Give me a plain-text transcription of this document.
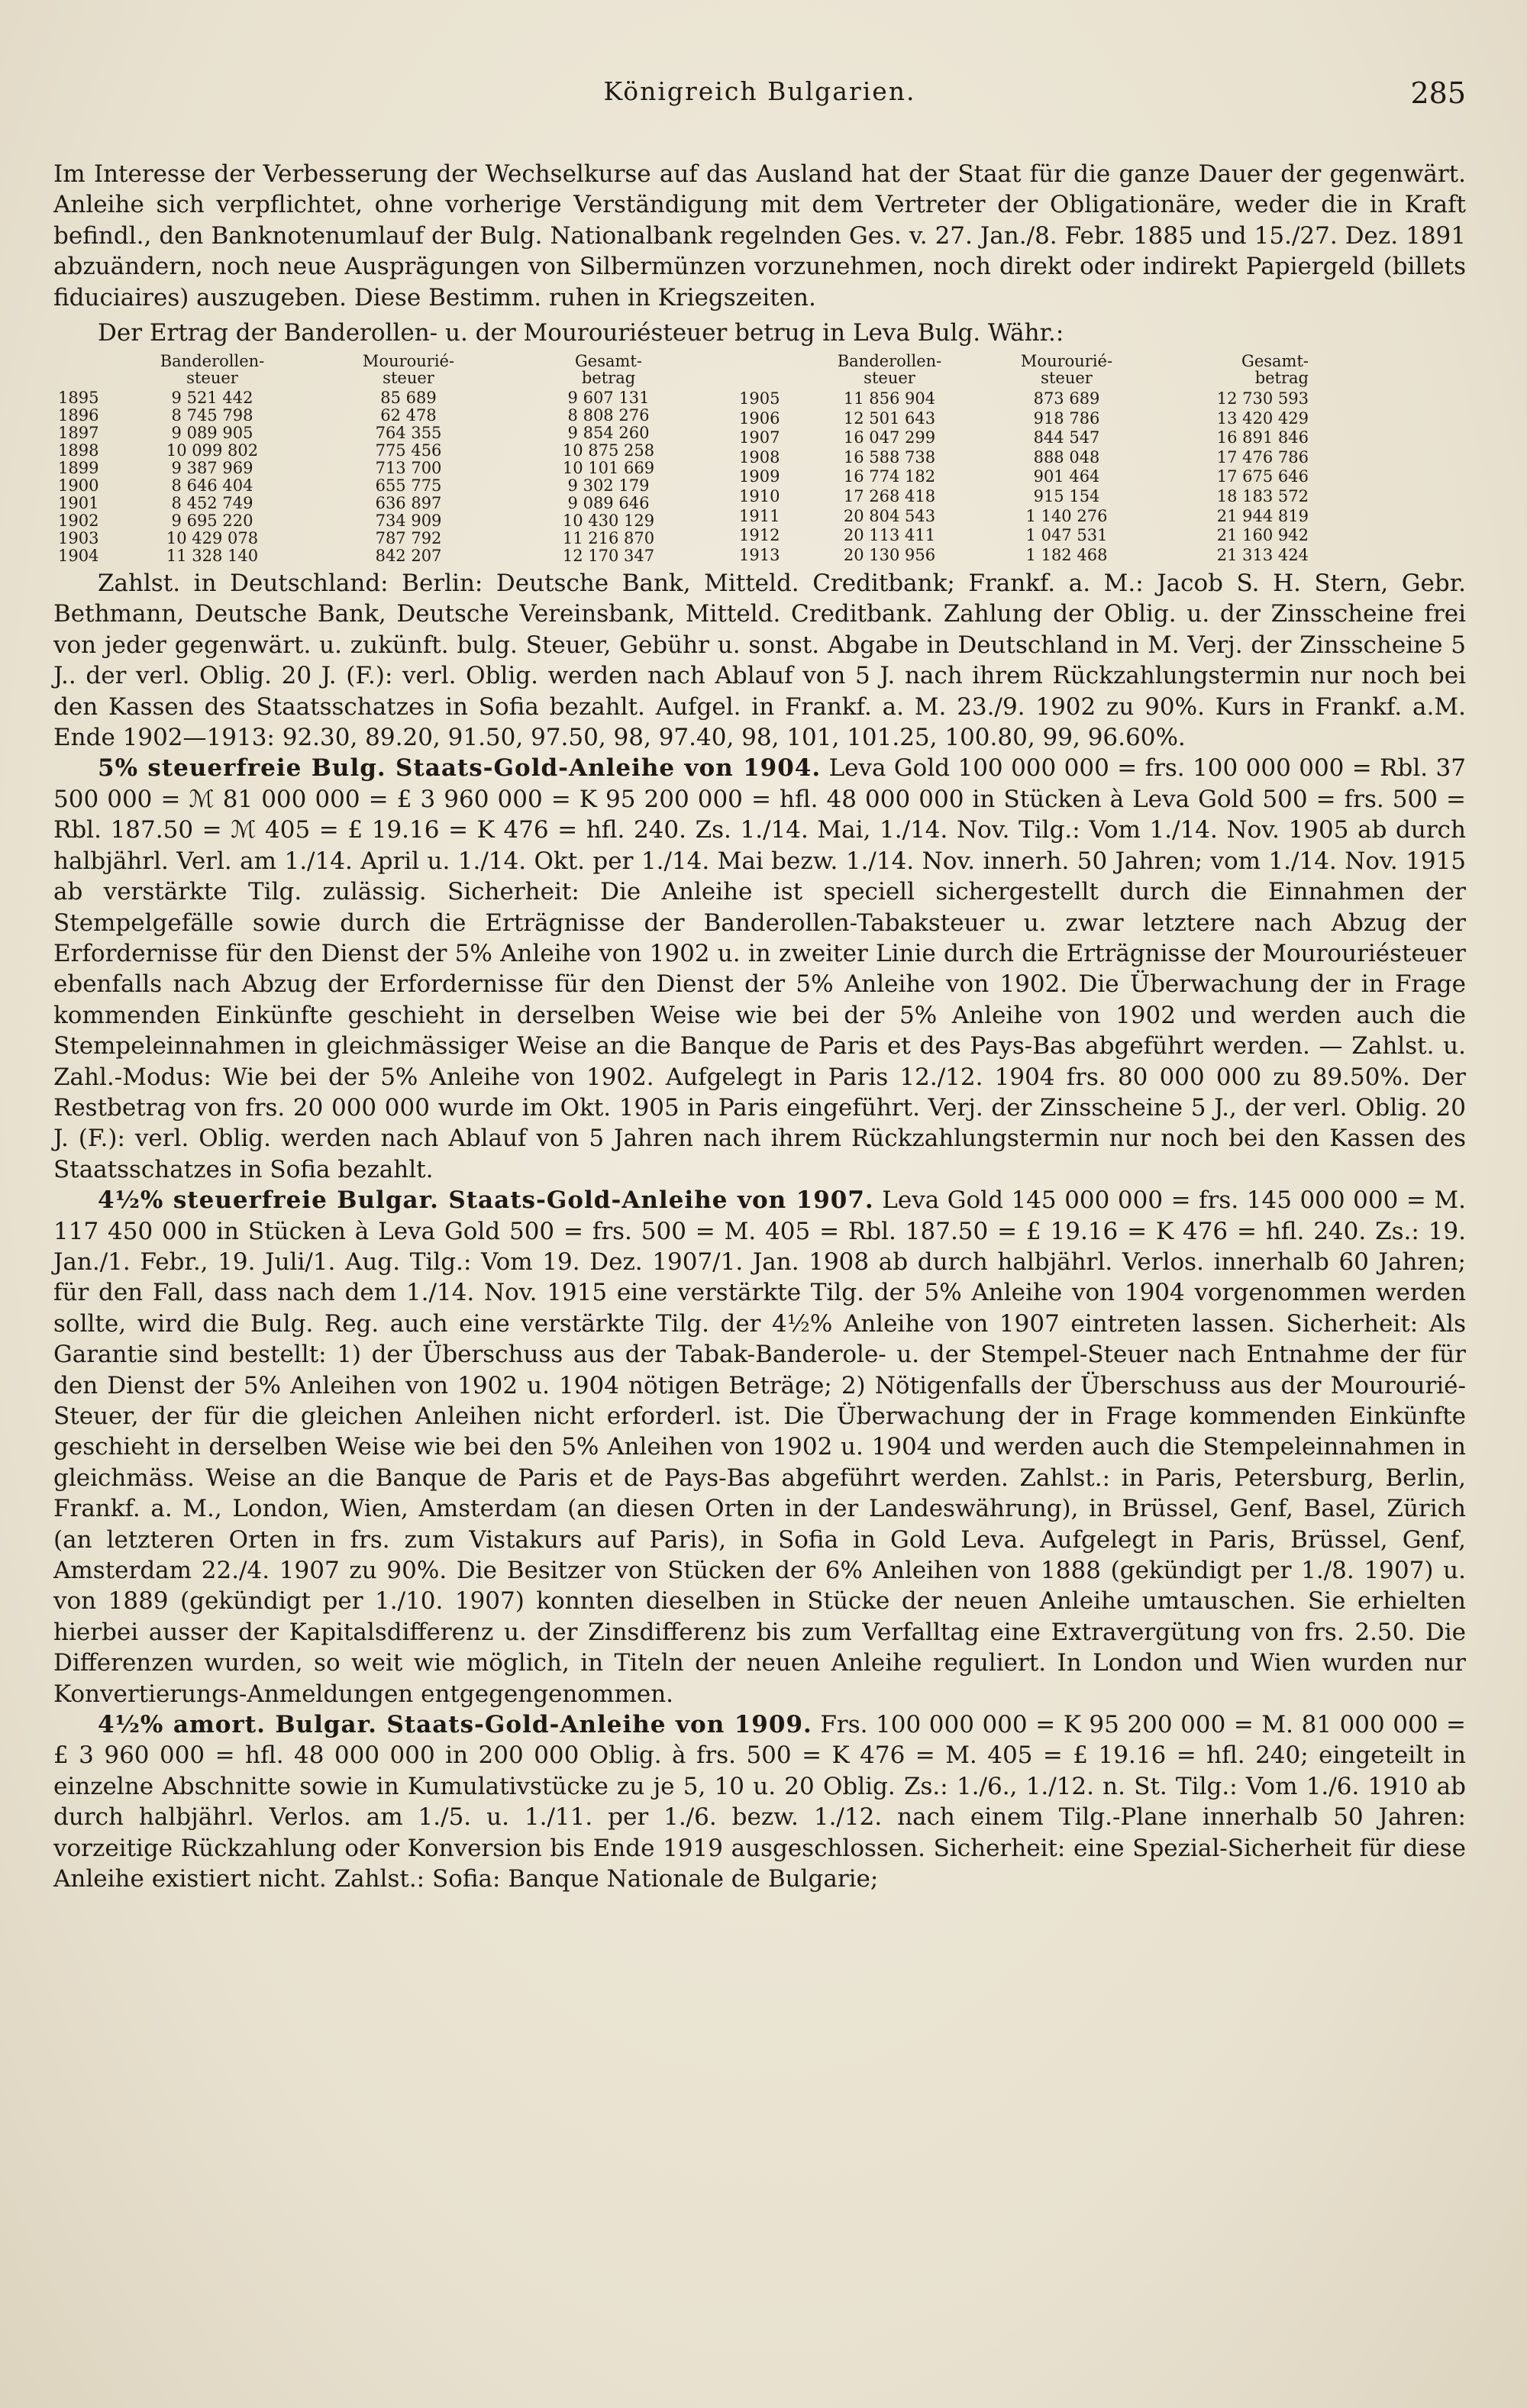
Königreich Bulgarien.	285

Im Interesse der Verbesserung der Wechselkurse auf das Ausland hat der Staat für die ganze Dauer der gegenwärt. Anleihe sich verpflichtet, ohne vorherige Verständigung mit dem Vertreter der Obligationäre, weder die in Kraft befindl., den Banknotenumlauf der Bulg. Nationalbank regelnden Ges. v. 27. Jan./8. Febr. 1885 und 15./27. Dez. 1891 abzuändern, noch neue Ausprägungen von Silbermünzen vorzunehmen, noch direkt oder indirekt Papiergeld (billets fiduciaires) auszugeben. Diese Bestimm. ruhen in Kriegszeiten.

Der Ertrag der Banderollen- u. der Mourouriésteuer betrug in Leva Bulg. Währ.:

	Banderollen-
steuer	Mourourié-
steuer	Gesamt-
betrag
1895	9 521 442	85 689	9 607 131
1896	8 745 798	62 478	8 808 276
1897	9 089 905	764 355	9 854 260
1898	10 099 802	775 456	10 875 258
1899	9 387 969	713 700	10 101 669
1900	8 646 404	655 775	9 302 179
1901	8 452 749	636 897	9 089 646
1902	9 695 220	734 909	10 430 129
1903	10 429 078	787 792	11 216 870
1904	11 328 140	842 207	12 170 347
	Banderollen-
steuer	Mourourié-
steuer	Gesamt-
betrag
1905	11 856 904	873 689	12 730 593
1906	12 501 643	918 786	13 420 429
1907	16 047 299	844 547	16 891 846
1908	16 588 738	888 048	17 476 786
1909	16 774 182	901 464	17 675 646
1910	17 268 418	915 154	18 183 572
1911	20 804 543	1 140 276	21 944 819
1912	20 113 411	1 047 531	21 160 942
1913	20 130 956	1 182 468	21 313 424

Zahlst. in Deutschland: Berlin: Deutsche Bank, Mitteld. Creditbank; Frankf. a. M.: Jacob S. H. Stern, Gebr. Bethmann, Deutsche Bank, Deutsche Vereinsbank, Mitteld. Creditbank. Zahlung der Oblig. u. der Zinsscheine frei von jeder gegenwärt. u. zukünft. bulg. Steuer, Gebühr u. sonst. Abgabe in Deutschland in M. Verj. der Zinsscheine 5 J.. der verl. Oblig. 20 J. (F.): verl. Oblig. werden nach Ablauf von 5 J. nach ihrem Rückzahlungstermin nur noch bei den Kassen des Staatsschatzes in Sofia bezahlt. Aufgel. in Frankf. a. M. 23./9. 1902 zu 90%. Kurs in Frankf. a.M. Ende 1902—1913: 92.30, 89.20, 91.50, 97.50, 98, 97.40, 98, 101, 101.25, 100.80, 99, 96.60%.

5% steuerfreie Bulg. Staats-Gold-Anleihe von 1904. Leva Gold 100 000 000 = frs. 100 000 000 = Rbl. 37 500 000 = ℳ 81 000 000 = £ 3 960 000 = K 95 200 000 = hfl. 48 000 000 in Stücken à Leva Gold 500 = frs. 500 = Rbl. 187.50 = ℳ 405 = £ 19.16 = K 476 = hfl. 240. Zs. 1./14. Mai, 1./14. Nov. Tilg.: Vom 1./14. Nov. 1905 ab durch halbjährl. Verl. am 1./14. April u. 1./14. Okt. per 1./14. Mai bezw. 1./14. Nov. innerh. 50 Jahren; vom 1./14. Nov. 1915 ab verstärkte Tilg. zulässig. Sicherheit: Die Anleihe ist speciell sichergestellt durch die Einnahmen der Stempelgefälle sowie durch die Erträgnisse der Banderollen-Tabaksteuer u. zwar letztere nach Abzug der Erfordernisse für den Dienst der 5% Anleihe von 1902 u. in zweiter Linie durch die Erträgnisse der Mourouriésteuer ebenfalls nach Abzug der Erfordernisse für den Dienst der 5% Anleihe von 1902. Die Überwachung der in Frage kommenden Einkünfte geschieht in derselben Weise wie bei der 5% Anleihe von 1902 und werden auch die Stempeleinnahmen in gleichmässiger Weise an die Banque de Paris et des Pays-Bas abgeführt werden. — Zahlst. u. Zahl.-Modus: Wie bei der 5% Anleihe von 1902. Aufgelegt in Paris 12./12. 1904 frs. 80 000 000 zu 89.50%. Der Restbetrag von frs. 20 000 000 wurde im Okt. 1905 in Paris eingeführt. Verj. der Zinsscheine 5 J., der verl. Oblig. 20 J. (F.): verl. Oblig. werden nach Ablauf von 5 Jahren nach ihrem Rückzahlungstermin nur noch bei den Kassen des Staatsschatzes in Sofia bezahlt.

4½% steuerfreie Bulgar. Staats-Gold-Anleihe von 1907. Leva Gold 145 000 000 = frs. 145 000 000 = M. 117 450 000 in Stücken à Leva Gold 500 = frs. 500 = M. 405 = Rbl. 187.50 = £ 19.16 = K 476 = hfl. 240. Zs.: 19. Jan./1. Febr., 19. Juli/1. Aug. Tilg.: Vom 19. Dez. 1907/1. Jan. 1908 ab durch halbjährl. Verlos. innerhalb 60 Jahren; für den Fall, dass nach dem 1./14. Nov. 1915 eine verstärkte Tilg. der 5% Anleihe von 1904 vorgenommen werden sollte, wird die Bulg. Reg. auch eine verstärkte Tilg. der 4½% Anleihe von 1907 eintreten lassen. Sicherheit: Als Garantie sind bestellt: 1) der Überschuss aus der Tabak-Banderole- u. der Stempel-Steuer nach Entnahme der für den Dienst der 5% Anleihen von 1902 u. 1904 nötigen Beträge; 2) Nötigenfalls der Überschuss aus der Mourourié-Steuer, der für die gleichen Anleihen nicht erforderl. ist. Die Überwachung der in Frage kommenden Einkünfte geschieht in derselben Weise wie bei den 5% Anleihen von 1902 u. 1904 und werden auch die Stempeleinnahmen in gleichmäss. Weise an die Banque de Paris et de Pays-Bas abgeführt werden. Zahlst.: in Paris, Petersburg, Berlin, Frankf. a. M., London, Wien, Amsterdam (an diesen Orten in der Landeswährung), in Brüssel, Genf, Basel, Zürich (an letzteren Orten in frs. zum Vistakurs auf Paris), in Sofia in Gold Leva. Aufgelegt in Paris, Brüssel, Genf, Amsterdam 22./4. 1907 zu 90%. Die Besitzer von Stücken der 6% Anleihen von 1888 (gekündigt per 1./8. 1907) u. von 1889 (gekündigt per 1./10. 1907) konnten dieselben in Stücke der neuen Anleihe umtauschen. Sie erhielten hierbei ausser der Kapitalsdifferenz u. der Zinsdifferenz bis zum Verfalltag eine Extravergütung von frs. 2.50. Die Differenzen wurden, so weit wie möglich, in Titeln der neuen Anleihe reguliert. In London und Wien wurden nur Konvertierungs-Anmeldungen entgegengenommen.

4½% amort. Bulgar. Staats-Gold-Anleihe von 1909. Frs. 100 000 000 = K 95 200 000 = M. 81 000 000 = £ 3 960 000 = hfl. 48 000 000 in 200 000 Oblig. à frs. 500 = K 476 = M. 405 = £ 19.16 = hfl. 240; eingeteilt in einzelne Abschnitte sowie in Kumulativstücke zu je 5, 10 u. 20 Oblig. Zs.: 1./6., 1./12. n. St. Tilg.: Vom 1./6. 1910 ab durch halbjährl. Verlos. am 1./5. u. 1./11. per 1./6. bezw. 1./12. nach einem Tilg.-Plane innerhalb 50 Jahren: vorzeitige Rückzahlung oder Konversion bis Ende 1919 ausgeschlossen. Sicherheit: eine Spezial-Sicherheit für diese Anleihe existiert nicht. Zahlst.: Sofia: Banque Nationale de Bulgarie;
